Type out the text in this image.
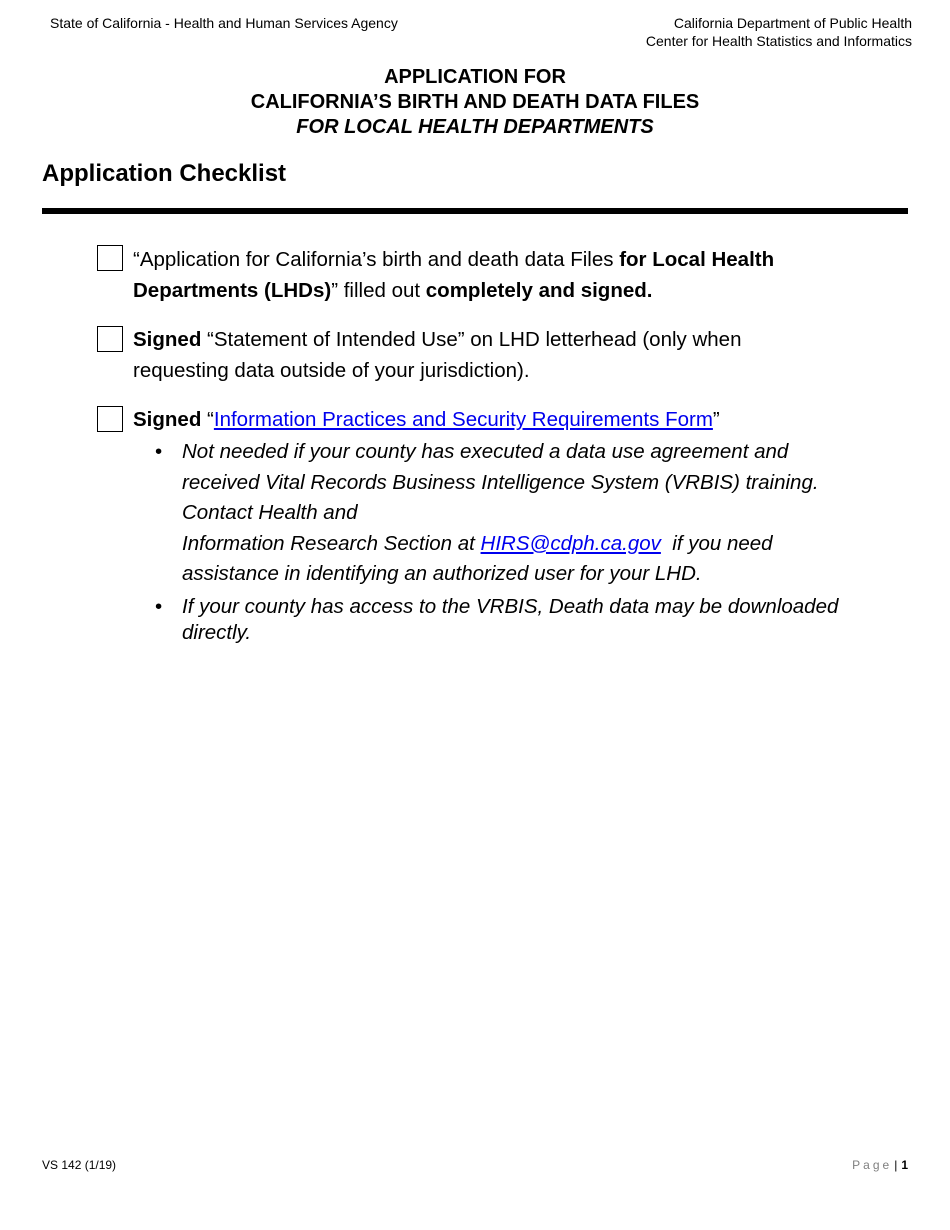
State of California - Health and Human Services Agency	California Department of Public Health
Center for Health Statistics and Informatics
APPLICATION FOR
CALIFORNIA’S BIRTH AND DEATH DATA FILES
FOR LOCAL HEALTH DEPARTMENTS
Application Checklist
“Application for California’s birth and death data Files for Local Health
Departments (LHDs)” filled out completely and signed.
Signed “Statement of Intended Use” on LHD letterhead (only when
requesting data outside of your jurisdiction).
Signed “Information Practices and Security Requirements Form”
• Not needed if your county has executed a data use agreement and
received Vital Records Business Intelligence System (VRBIS) training.
Contact Health and
Information Research Section at HIRS@cdph.ca.gov  if you need
assistance in identifying an authorized user for your LHD.
• If your county has access to the VRBIS, Death data may be downloaded
directly.
VS 142 (1/19)	Page | 1
